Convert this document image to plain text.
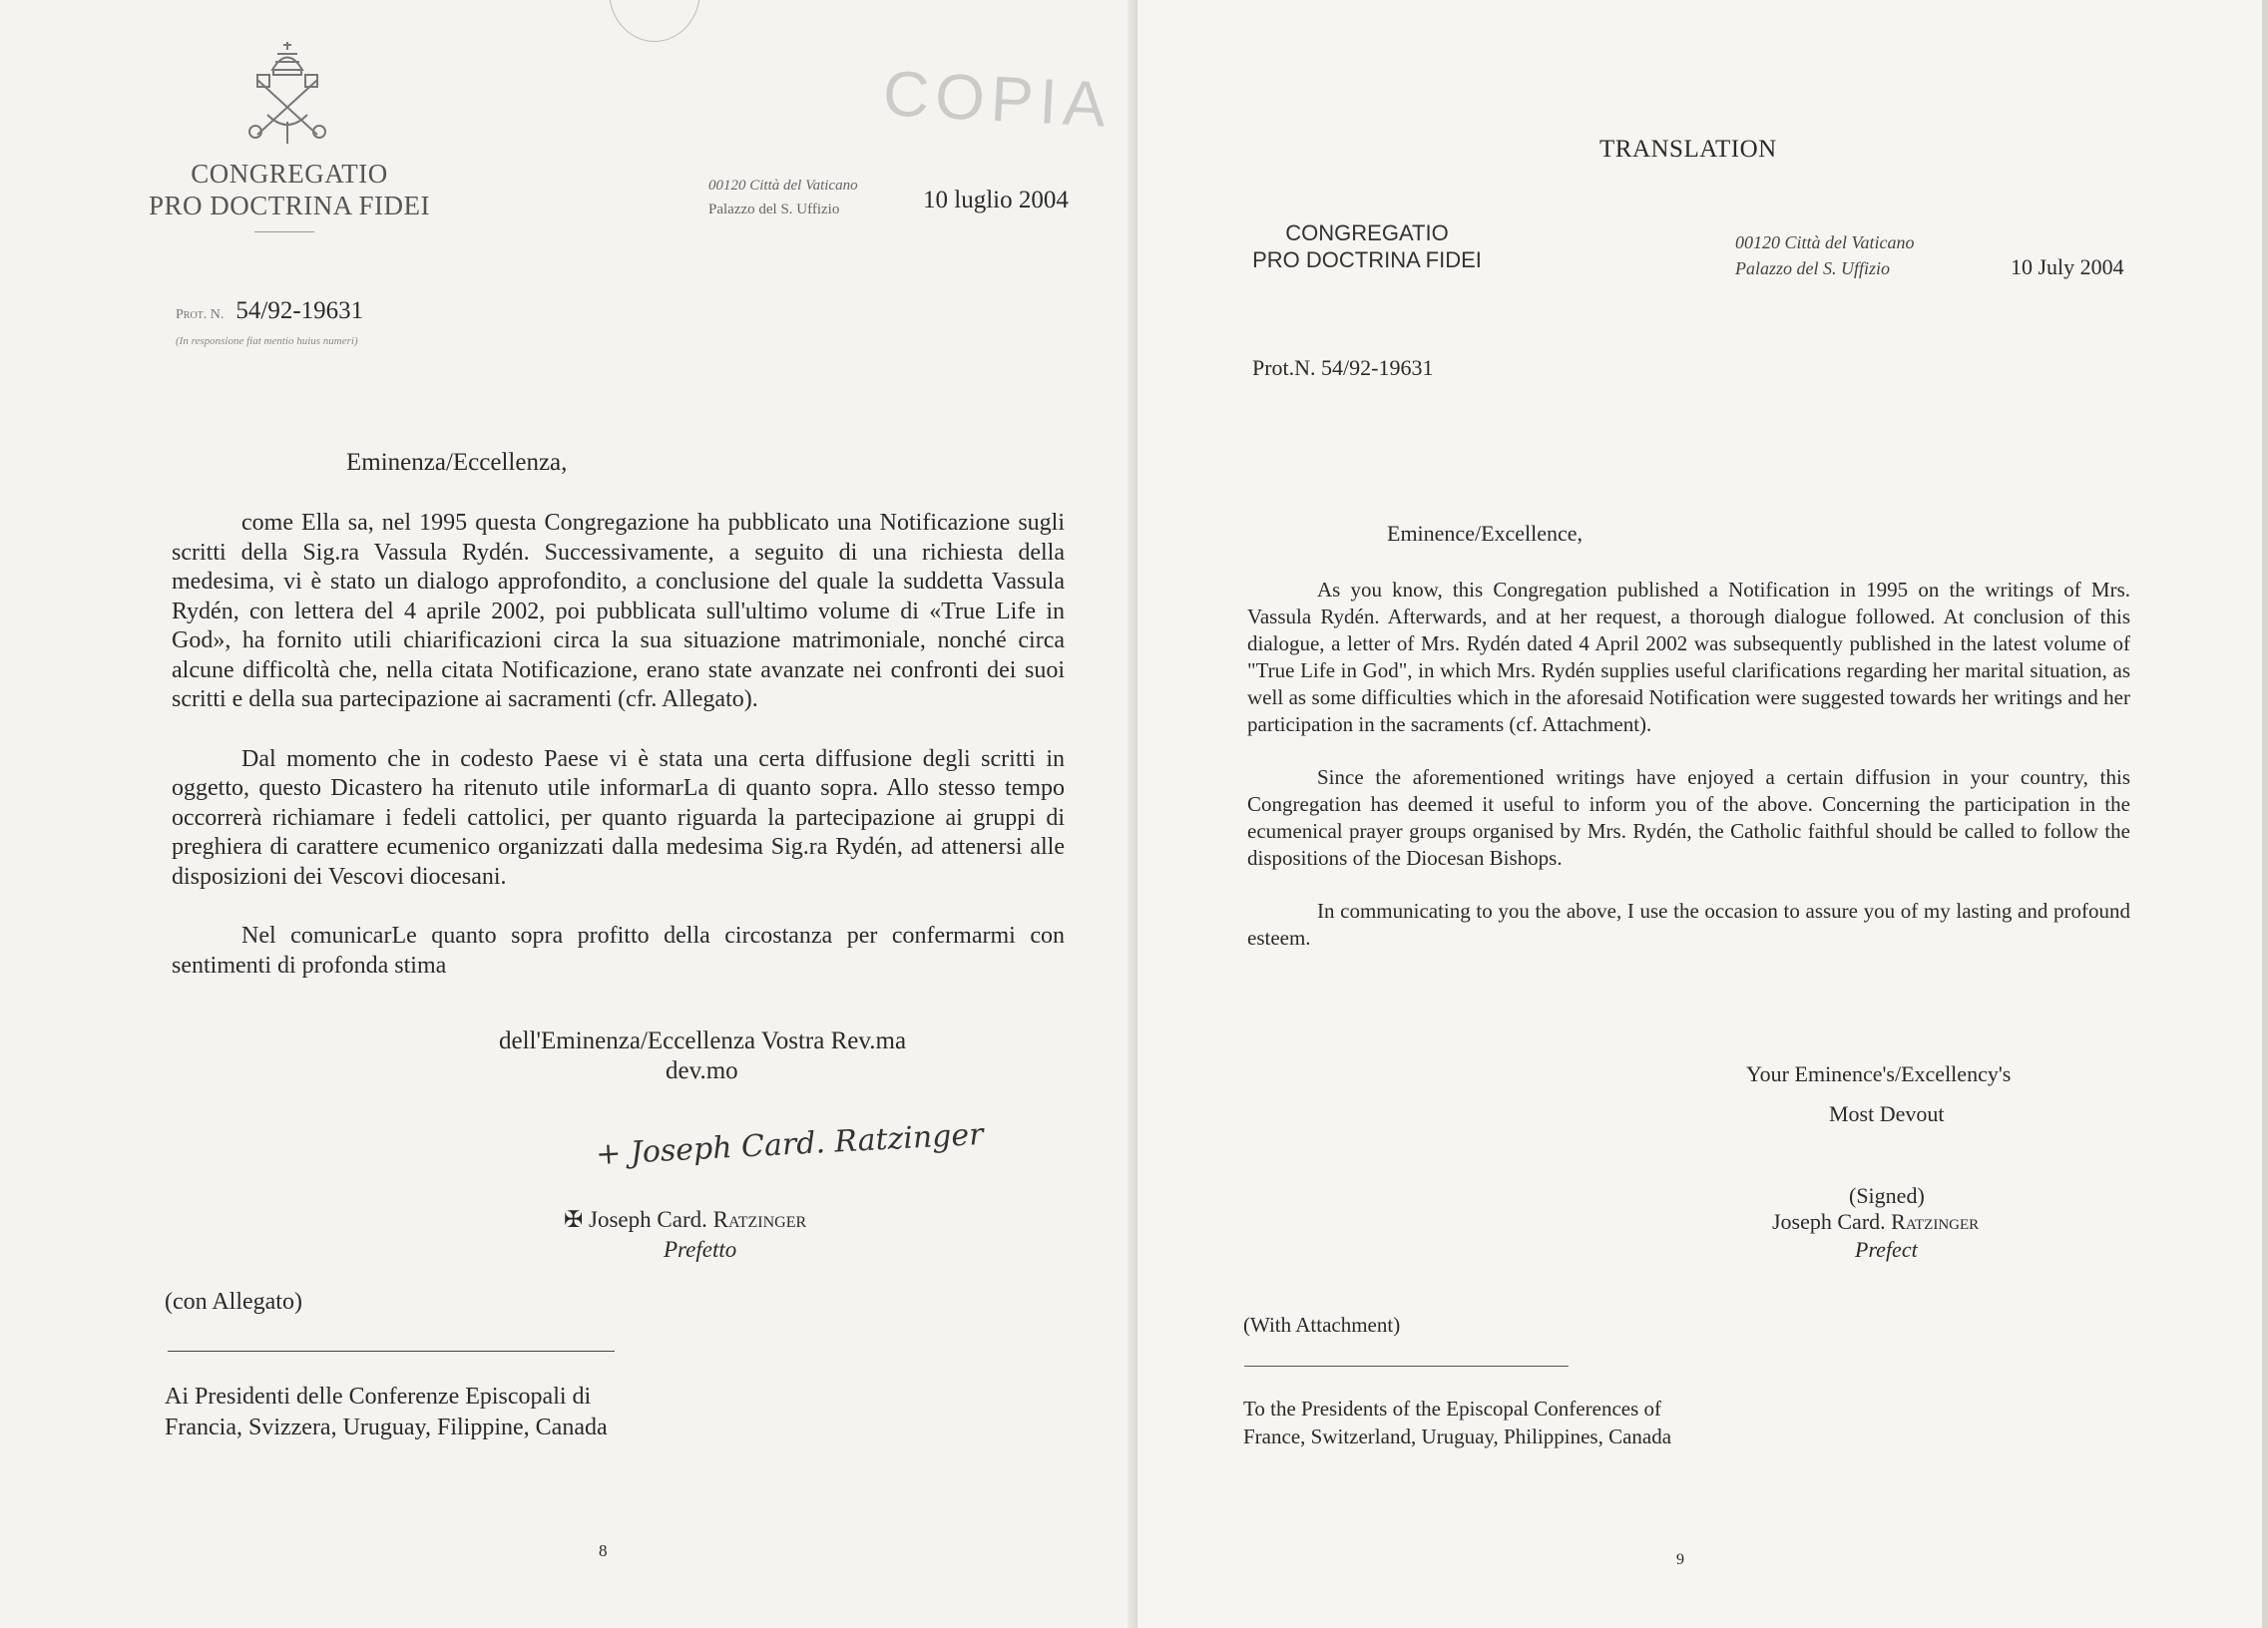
CONGREGATIO
PRO DOCTRINA FIDEI
00120 Città del Vaticano
Palazzo del S. Uffizio	10 luglio 2004
COPIA
Prot. N. 54/92-19631
(In responsione fiat mentio huius numeri)
Eminenza/Eccellenza,

come Ella sa, nel 1995 questa Congregazione ha pubblicato una Notificazione sugli scritti della Sig.ra Vassula Rydén. Successivamente, a seguito di una richiesta della medesima, vi è stato un dialogo approfondito, a conclusione del quale la suddetta Vassula Rydén, con lettera del 4 aprile 2002, poi pubblicata sull'ultimo volume di «True Life in God», ha fornito utili chiarificazioni circa la sua situazione matrimoniale, nonché circa alcune difficoltà che, nella citata Notificazione, erano state avanzate nei confronti dei suoi scritti e della sua partecipazione ai sacramenti (cfr. Allegato).

Dal momento che in codesto Paese vi è stata una certa diffusione degli scritti in oggetto, questo Dicastero ha ritenuto utile informarLa di quanto sopra. Allo stesso tempo occorrerà richiamare i fedeli cattolici, per quanto riguarda la partecipazione ai gruppi di preghiera di carattere ecumenico organizzati dalla medesima Sig.ra Rydén, ad attenersi alle disposizioni dei Vescovi diocesani.

Nel comunicarLe quanto sopra profitto della circostanza per confermarmi con sentimenti di profonda stima

dell'Eminenza/Eccellenza Vostra Rev.ma
dev.mo
+ Joseph Card. Ratzinger
✠ Joseph Card. Ratzinger
Prefetto
(con Allegato)
Ai Presidenti delle Conferenze Episcopali di
Francia, Svizzera, Uruguay, Filippine, Canada
8
TRANSLATION
CONGREGATIO
PRO DOCTRINA FIDEI
00120 Città del Vaticano
Palazzo del S. Uffizio	10 July 2004
Prot.N. 54/92-19631
Eminence/Excellence,

As you know, this Congregation published a Notification in 1995 on the writings of Mrs. Vassula Rydén. Afterwards, and at her request, a thorough dialogue followed. At conclusion of this dialogue, a letter of Mrs. Rydén dated 4 April 2002 was subsequently published in the latest volume of "True Life in God", in which Mrs. Rydén supplies useful clarifications regarding her marital situation, as well as some difficulties which in the aforesaid Notification were suggested towards her writings and her participation in the sacraments (cf. Attachment).

Since the aforementioned writings have enjoyed a certain diffusion in your country, this Congregation has deemed it useful to inform you of the above. Concerning the participation in the ecumenical prayer groups organised by Mrs. Rydén, the Catholic faithful should be called to follow the dispositions of the Diocesan Bishops.

In communicating to you the above, I use the occasion to assure you of my lasting and profound esteem.

Your Eminence's/Excellency's
Most Devout
(Signed)
Joseph Card. Ratzinger
Prefect
(With Attachment)
To the Presidents of the Episcopal Conferences of
France, Switzerland, Uruguay, Philippines, Canada
9
